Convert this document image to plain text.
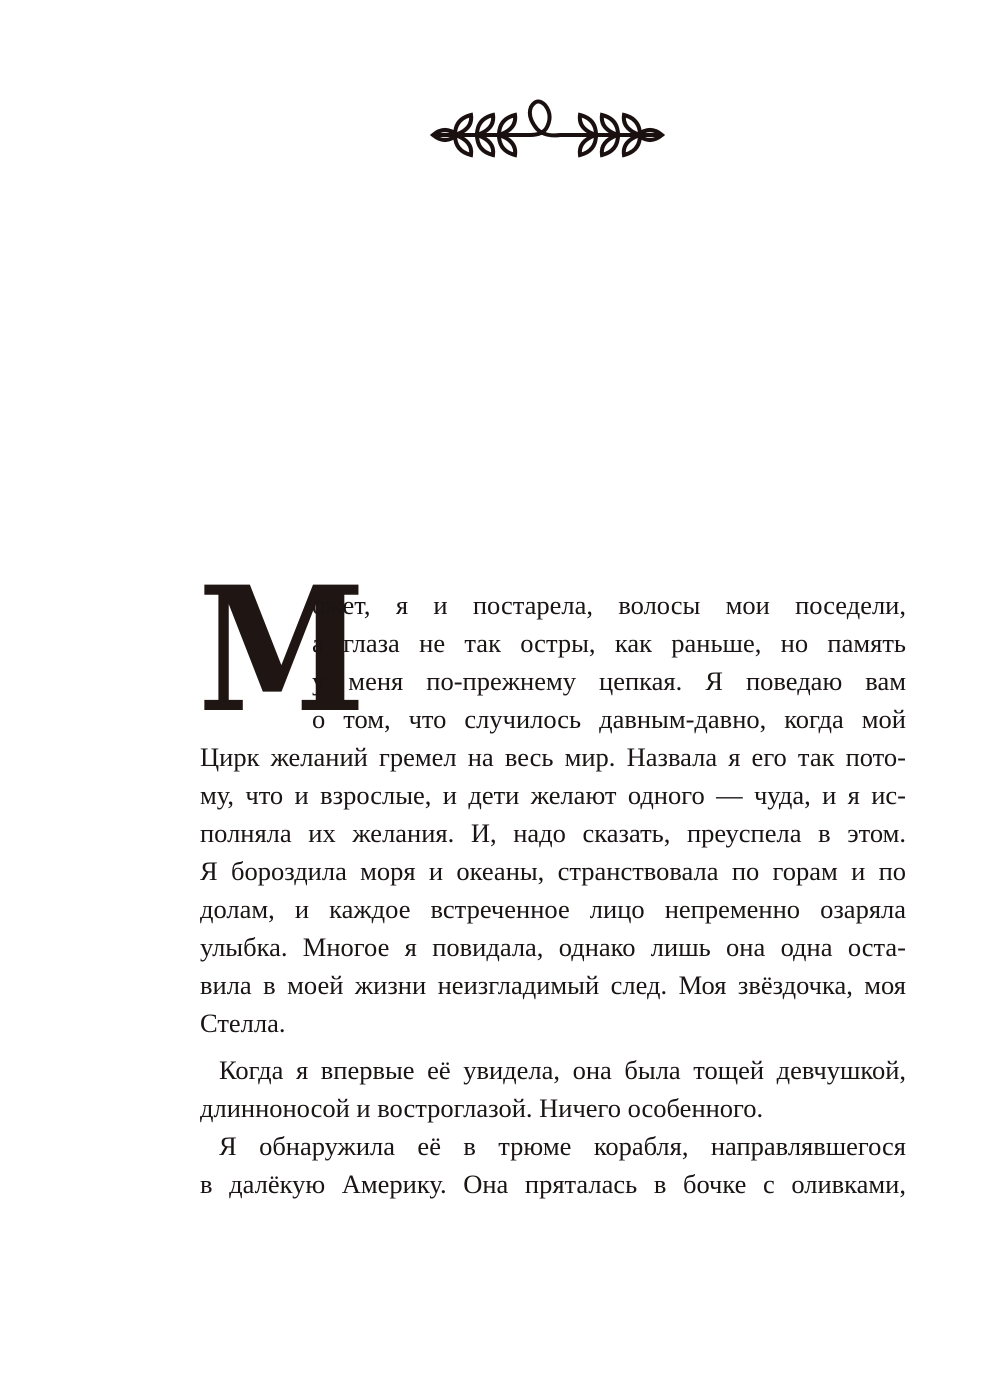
М
ожет, я и постарела, волосы мои поседели,
а глаза не так остры, как раньше, но память
у меня по-прежнему цепкая. Я поведаю вам
о том, что случилось давным-давно, когда мой
Цирк желаний гремел на весь мир. Назвала я его так пото-
му, что и взрослые, и дети желают одного — чуда, и я ис-
полняла их желания. И, надо сказать, преуспела в этом.
Я бороздила моря и океаны, странствовала по горам и по
долам, и каждое встреченное лицо непременно озаряла
улыбка. Многое я повидала, однако лишь она одна оста-
вила в моей жизни неизгладимый след. Моя звёздочка, моя
Стелла.
Когда я впервые её увидела, она была тощей девчушкой,
длинноносой и востроглазой. Ничего особенного.
Я обнаружила её в трюме корабля, направлявшегося
в далёкую Америку. Она пряталась в бочке с оливками,
